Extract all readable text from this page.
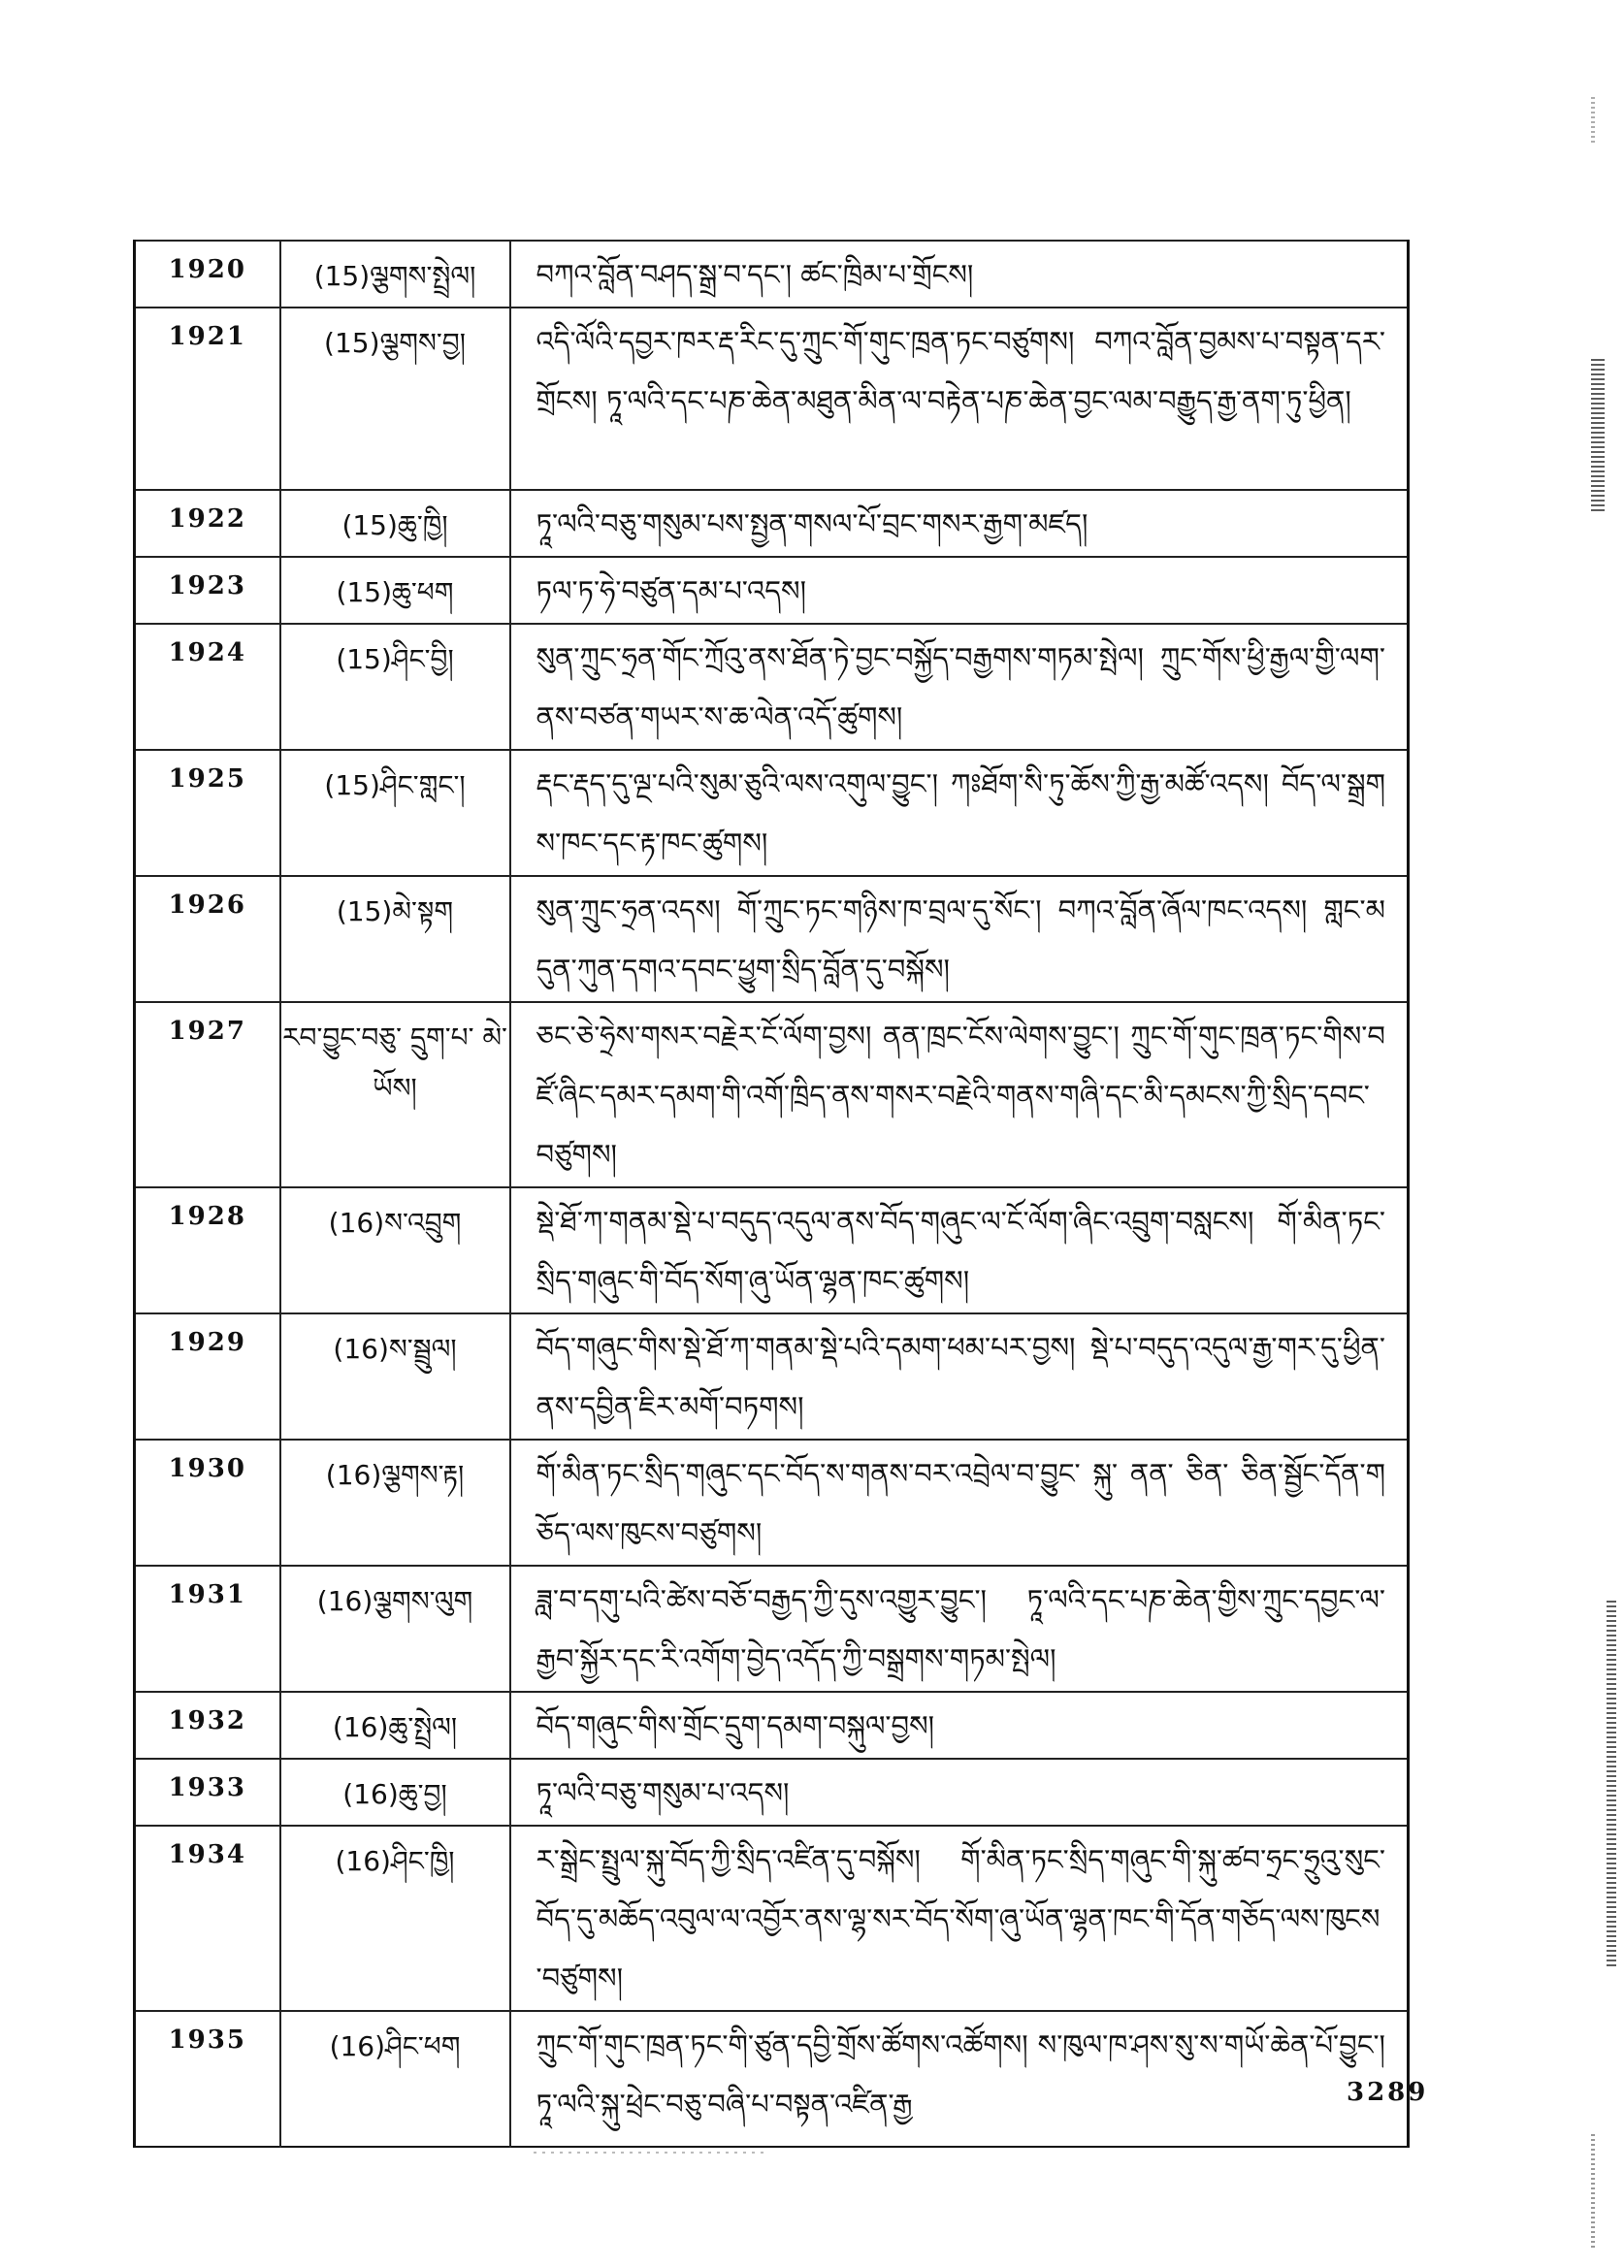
1920	(15)ལྕགས་སྤྲེལ།	བཀའ་བློན་བཤད་སྒྲ་བ་དང་། ཚང་ཁྲིམ་པ་གྲོངས།
1921	(15)ལྕགས་བྱ།	འདི་ལོའི་དབྱར་ཁར་རྡ་རིང་དུ་ཀྲུང་གོ་གུང་ཁྲན་ཏང་བཙུགས། བཀའ་བློན་བྱམས་པ་བསྟན་དར་གྲོངས། ཏཱ་ལའི་དང་པཎ་ཆེན་མཐུན་མིན་ལ་བརྟེན་པཎ་ཆེན་བྱང་ལམ་བརྒྱུད་རྒྱ་ནག་ཏུ་ཕྱིན།
1922	(15)ཆུ་ཁྱི།	ཏཱ་ལའི་བཅུ་གསུམ་པས་སྤྱན་གསལ་པོ་བྲང་གསར་རྒྱག་མཛད།
1923	(15)ཆུ་ཕག	ཏལ་ཏ་ཧེ་བཙུན་དམ་པ་འདས།
1924	(15)ཤིང་བྱི།	སུན་ཀྲུང་ཧྲན་གོང་ཀྲོའུ་ནས་ཐོན་ཏེ་བྱང་བསྐྱོད་བརྒྱགས་གཏམ་སྤེལ། ཀྲུང་གོས་ཕྱི་རྒྱལ་གྱི་ལག་ནས་བཙན་གཡར་ས་ཆ་ལེན་འདོ་ཚུགས།
1925	(15)ཤིང་གླང་།	རྡང་རྡད་དུ་ལྔ་པའི་སུམ་ཅུའི་ལས་འགུལ་བྱུང་། ཀཿཐོག་སི་ཏུ་ཆོས་ཀྱི་རྒྱ་མཚོ་འདས། བོད་ལ་སྒྲགས་ཁང་དང་རྟ་ཁང་ཚུགས།
1926	(15)མེ་སྟག	སུན་ཀྲུང་ཧྲན་འདས། གོ་ཀྲུང་ཏང་གཉིས་ཁ་བྲལ་དུ་སོང་། བཀའ་བློན་ཞོལ་ཁང་འདས། གླང་མདུན་ཀུན་དགའ་དབང་ཕྱུག་སྲིད་བློན་དུ་བསྐོས།
1927	རབ་བྱུང་བཅུ་ དྲུག་པ་ མེ་ཡོས།	ཅང་ཅེ་ཧྲེས་གསར་བརྗེར་ངོ་ལོག་བྱས། ནན་ཁྲང་ངོས་ལེགས་བྱུང་། ཀྲུང་གོ་གུང་ཁྲན་ཏང་གིས་བཛོ་ཞིང་དམར་དམག་གི་འགོ་ཁྲིད་ནས་གསར་བརྗེའི་གནས་གཞི་དང་མི་དམངས་ཀྱི་སྲིད་དབང་བཙུགས།
1928	(16)ས་འབྲུག	སྡེ་ཐོ་ཀ་གནམ་སྡེ་པ་བདུད་འདུལ་ནས་བོད་གཞུང་ལ་ངོ་ལོག་ཞིང་འབྲུག་བསླངས། གོ་མིན་ཏང་སྲིད་གཞུང་གི་བོད་སོག་ཞུ་ཡོན་ལྷན་ཁང་ཚུགས།
1929	(16)ས་སྦྲུལ།	བོད་གཞུང་གིས་སྡེ་ཐོ་ཀ་གནམ་སྡེ་པའི་དམག་ཕམ་པར་བྱས། སྡེ་པ་བདུད་འདུལ་རྒྱ་གར་དུ་ཕྱིན་ནས་དབྱིན་ཇིར་མགོ་བཏགས།
1930	(16)ལྕགས་རྟ།	གོ་མིན་ཏང་སྲིད་གཞུང་དང་བོད་ས་གནས་བར་འབྲེལ་བ་བྱུང་ སྐུ་ ནན་ ཅིན་ ཅིན་སྦྱོང་དོན་གཅོད་ལས་ཁུངས་བཙུགས།
1931	(16)ལྕགས་ལུག	ཟླ་བ་དགུ་པའི་ཚེས་བཅོ་བརྒྱད་ཀྱི་དུས་འགྱུར་བྱུང་། ཏཱ་ལའི་དང་པཎ་ཆེན་གྱིས་ཀྲུང་དབྱང་ལ་རྒྱབ་སྐྱོར་དང་རི་འགོག་བྱེད་འདོད་ཀྱི་བསྒྲགས་གཏམ་སྤེལ།
1932	(16)ཆུ་སྤྲེལ།	བོད་གཞུང་གིས་གྲོང་དྲུག་དམག་བསྐུལ་བྱས།
1933	(16)ཆུ་བྱ།	ཏཱ་ལའི་བཅུ་གསུམ་པ་འདས།
1934	(16)ཤིང་ཁྱི།	ར་སྒྲེང་སྤྲུལ་སྐུ་བོད་ཀྱི་སྲིད་འཛིན་དུ་བསྐོས། གོ་མིན་ཏང་སྲིད་གཞུང་གི་སྐུ་ཚབ་ཧྲང་ཧྲུའུ་སུང་བོད་དུ་མཆོད་འབུལ་ལ་འབྱོར་ནས་ལྷ་སར་བོད་སོག་ཞུ་ཡོན་ལྷན་ཁང་གི་དོན་གཅོད་ལས་ཁུངས་བཙུགས།
1935	(16)ཤིང་ཕག	ཀྲུང་གོ་གུང་ཁྲན་ཏང་གི་ཙུན་དབྱི་གྲོས་ཚོགས་འཚོགས། ས་ཁུལ་ཁ་ཤས་སུ་ས་གཡོ་ཆེན་པོ་བྱུང་། ཏཱ་ལའི་སྐུ་ཕྲེང་བཅུ་བཞི་པ་བསྟན་འཛིན་རྒྱ	3289
